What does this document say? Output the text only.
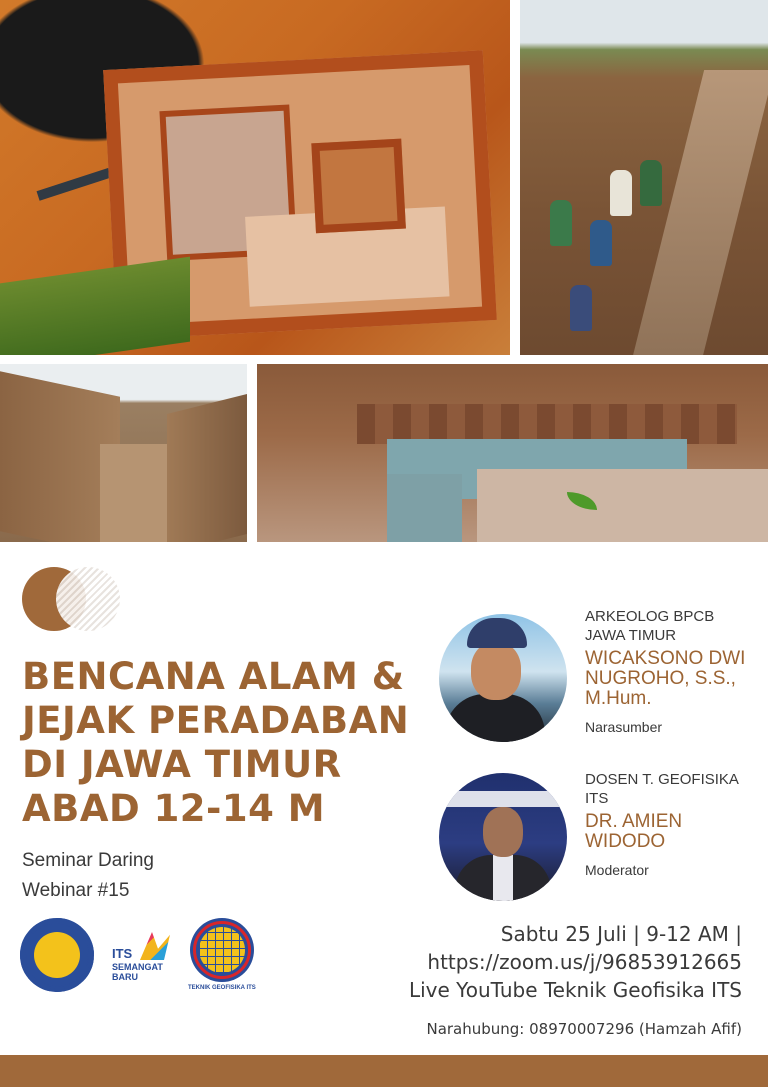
BENCANA ALAM &
JEJAK PERADABAN
DI JAWA TIMUR
ABAD 12-14 M
Seminar Daring
Webinar #15
ARKEOLOG BPCB
JAWA TIMUR
WICAKSONO DWI
NUGROHO, S.S.,
M.Hum.
Narasumber
DOSEN T. GEOFISIKA
ITS
DR. AMIEN
WIDODO
Moderator
ITS
SEMANGAT
BARU
TEKNIK GEOFISIKA ITS
Sabtu 25 Juli | 9-12 AM |
https://zoom.us/j/96853912665
Live YouTube Teknik Geofisika ITS
Narahubung: 08970007296 (Hamzah Afif)
